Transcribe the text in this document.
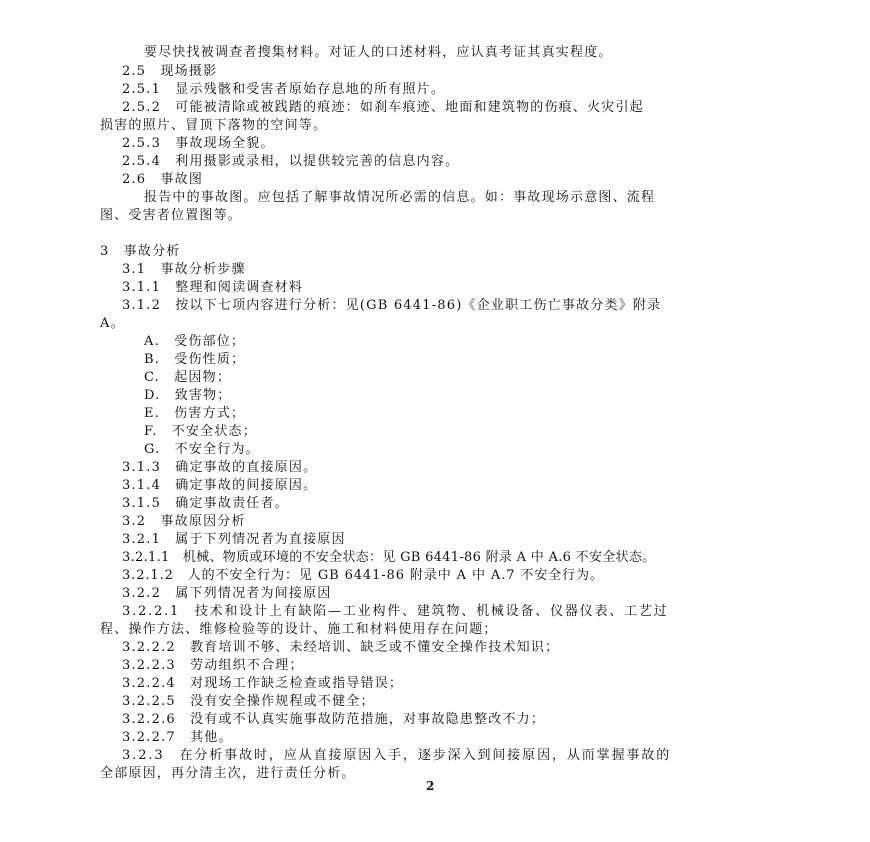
要尽快找被调查者搜集材料。对证人的口述材料，应认真考证其真实程度。
2.5　现场摄影
2.5.1　显示残骸和受害者原始存息地的所有照片。
2.5.2　可能被清除或被践踏的痕迹：如刹车痕迹、地面和建筑物的伤痕、火灾引起
损害的照片、冒顶下落物的空间等。
2.5.3　事故现场全貌。
2.5.4　利用摄影或录相，以提供较完善的信息内容。
2.6　事故图
报告中的事故图。应包括了解事故情况所必需的信息。如：事故现场示意图、流程
图、受害者位置图等。
3　事故分析
3.1　事故分析步骤
3.1.1　整理和阅读调查材料
3.1.2　按以下七项内容进行分析：见(GB 6441-86)《企业职工伤亡事故分类》附录
A。
A.　受伤部位；
B.　受伤性质；
C.　起因物；
D.　致害物；
E.　伤害方式；
F.　不安全状态；
G.　不安全行为。
3.1.3　确定事故的直接原因。
3.1.4　确定事故的间接原因。
3.1.5　确定事故责任者。
3.2　事故原因分析
3.2.1　属于下列情况者为直接原因
3.2.1.1　机械、物质或环境的不安全状态：见 GB 6441-86 附录 A 中 A.6 不安全状态。
3.2.1.2　人的不安全行为：见 GB 6441-86 附录中 A 中 A.7 不安全行为。
3.2.2　属下列情况者为间接原因
3.2.2.1　技术和设计上有缺陷—工业构件、建筑物、机械设备、仪器仪表、工艺过
程、操作方法、维修检验等的设计、施工和材料使用存在问题；
3.2.2.2　教育培训不够、未经培训、缺乏或不懂安全操作技术知识；
3.2.2.3　劳动组织不合理；
3.2.2.4　对现场工作缺乏检查或指导错误；
3.2.2.5　没有安全操作规程或不健全；
3.2.2.6　没有或不认真实施事故防范措施，对事故隐患整改不力；
3.2.2.7　其他。
3.2.3　在分析事故时，应从直接原因入手，逐步深入到间接原因，从而掌握事故的
全部原因，再分清主次，进行责任分析。
2
